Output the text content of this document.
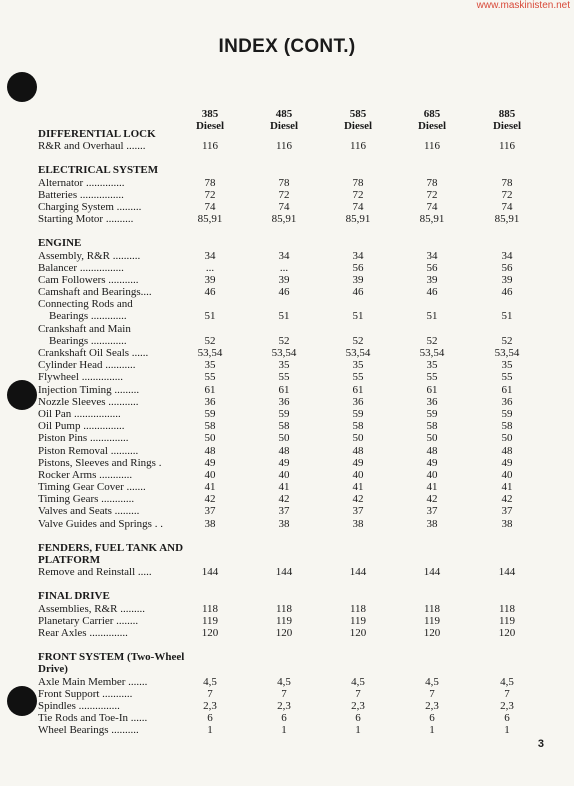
www.maskinisten.net
INDEX (CONT.)
385
Diesel
485
Diesel
585
Diesel
685
Diesel
885
Diesel
DIFFERENTIAL LOCK
R&R and Overhaul .......	116	116	116	116	116
ELECTRICAL SYSTEM
Alternator ..............	78	78	78	78	78
Batteries ................	72	72	72	72	72
Charging System .........	74	74	74	74	74
Starting Motor ..........	85,91	85,91	85,91	85,91	85,91
ENGINE
Assembly, R&R ..........	34	34	34	34	34
Balancer ................	...	...	56	56	56
Cam Followers ...........	39	39	39	39	39
Camshaft and Bearings....	46	46	46	46	46
Connecting Rods and
Bearings .............	51	51	51	51	51
Crankshaft and Main
Bearings .............	52	52	52	52	52
Crankshaft Oil Seals ......	53,54	53,54	53,54	53,54	53,54
Cylinder Head ...........	35	35	35	35	35
Flywheel ...............	55	55	55	55	55
Injection Timing .........	61	61	61	61	61
Nozzle Sleeves ...........	36	36	36	36	36
Oil Pan .................	59	59	59	59	59
Oil Pump ...............	58	58	58	58	58
Piston Pins ..............	50	50	50	50	50
Piston Removal ..........	48	48	48	48	48
Pistons, Sleeves and Rings .	49	49	49	49	49
Rocker Arms ............	40	40	40	40	40
Timing Gear Cover .......	41	41	41	41	41
Timing Gears ............	42	42	42	42	42
Valves and Seats .........	37	37	37	37	37
Valve Guides and Springs . .	38	38	38	38	38
FENDERS, FUEL TANK AND
PLATFORM
Remove and Reinstall .....	144	144	144	144	144
FINAL DRIVE
Assemblies, R&R .........	118	118	118	118	118
Planetary Carrier ........	119	119	119	119	119
Rear Axles ..............	120	120	120	120	120
FRONT SYSTEM (Two-Wheel
Drive)
Axle Main Member .......	4,5	4,5	4,5	4,5	4,5
Front Support ...........	7	7	7	7	7
Spindles ...............	2,3	2,3	2,3	2,3	2,3
Tie Rods and Toe-In ......	6	6	6	6	6
Wheel Bearings ..........	1	1	1	1	1
3
